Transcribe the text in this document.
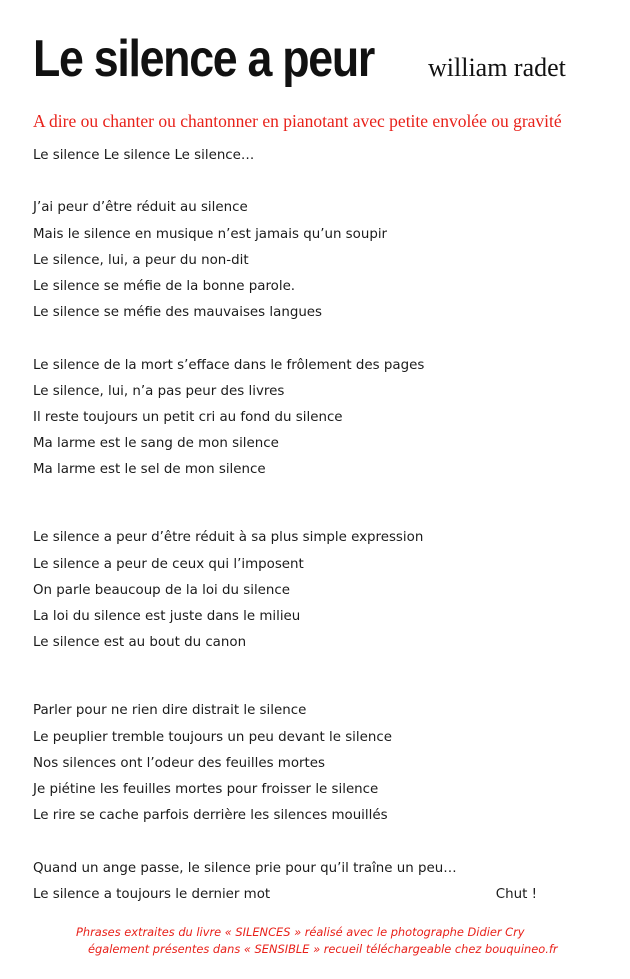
Le silence a peur william radet
A dire ou chanter ou chantonner en pianotant avec petite envolée ou gravité
Le silence Le silence Le silence…
J’ai peur d’être réduit au silence
Mais le silence en musique n’est jamais qu’un soupir
Le silence, lui, a peur du non-dit
Le silence se méfie de la bonne parole.
Le silence se méfie des mauvaises langues
Le silence de la mort s’efface dans le frôlement des pages
Le silence, lui, n’a pas peur des livres
Il reste toujours un petit cri au fond du silence
Ma larme est le sang de mon silence
Ma larme est le sel de mon silence
Le silence a peur d’être réduit à sa plus simple expression
Le silence a peur de ceux qui l’imposent
On parle beaucoup de la loi du silence
La loi du silence est juste dans le milieu
Le silence est au bout du canon
Parler pour ne rien dire distrait le silence
Le peuplier tremble toujours un peu devant le silence
Nos silences ont l’odeur des feuilles mortes
Je piétine les feuilles mortes pour froisser le silence
Le rire se cache parfois derrière les silences mouillés
Quand un ange passe, le silence prie pour qu’il traîne un peu…
Le silence a toujours le dernier mot	Chut !
Phrases extraites du livre « SILENCES » réalisé avec le photographe Didier Cry
également présentes dans « SENSIBLE » recueil téléchargeable chez bouquineo.fr
